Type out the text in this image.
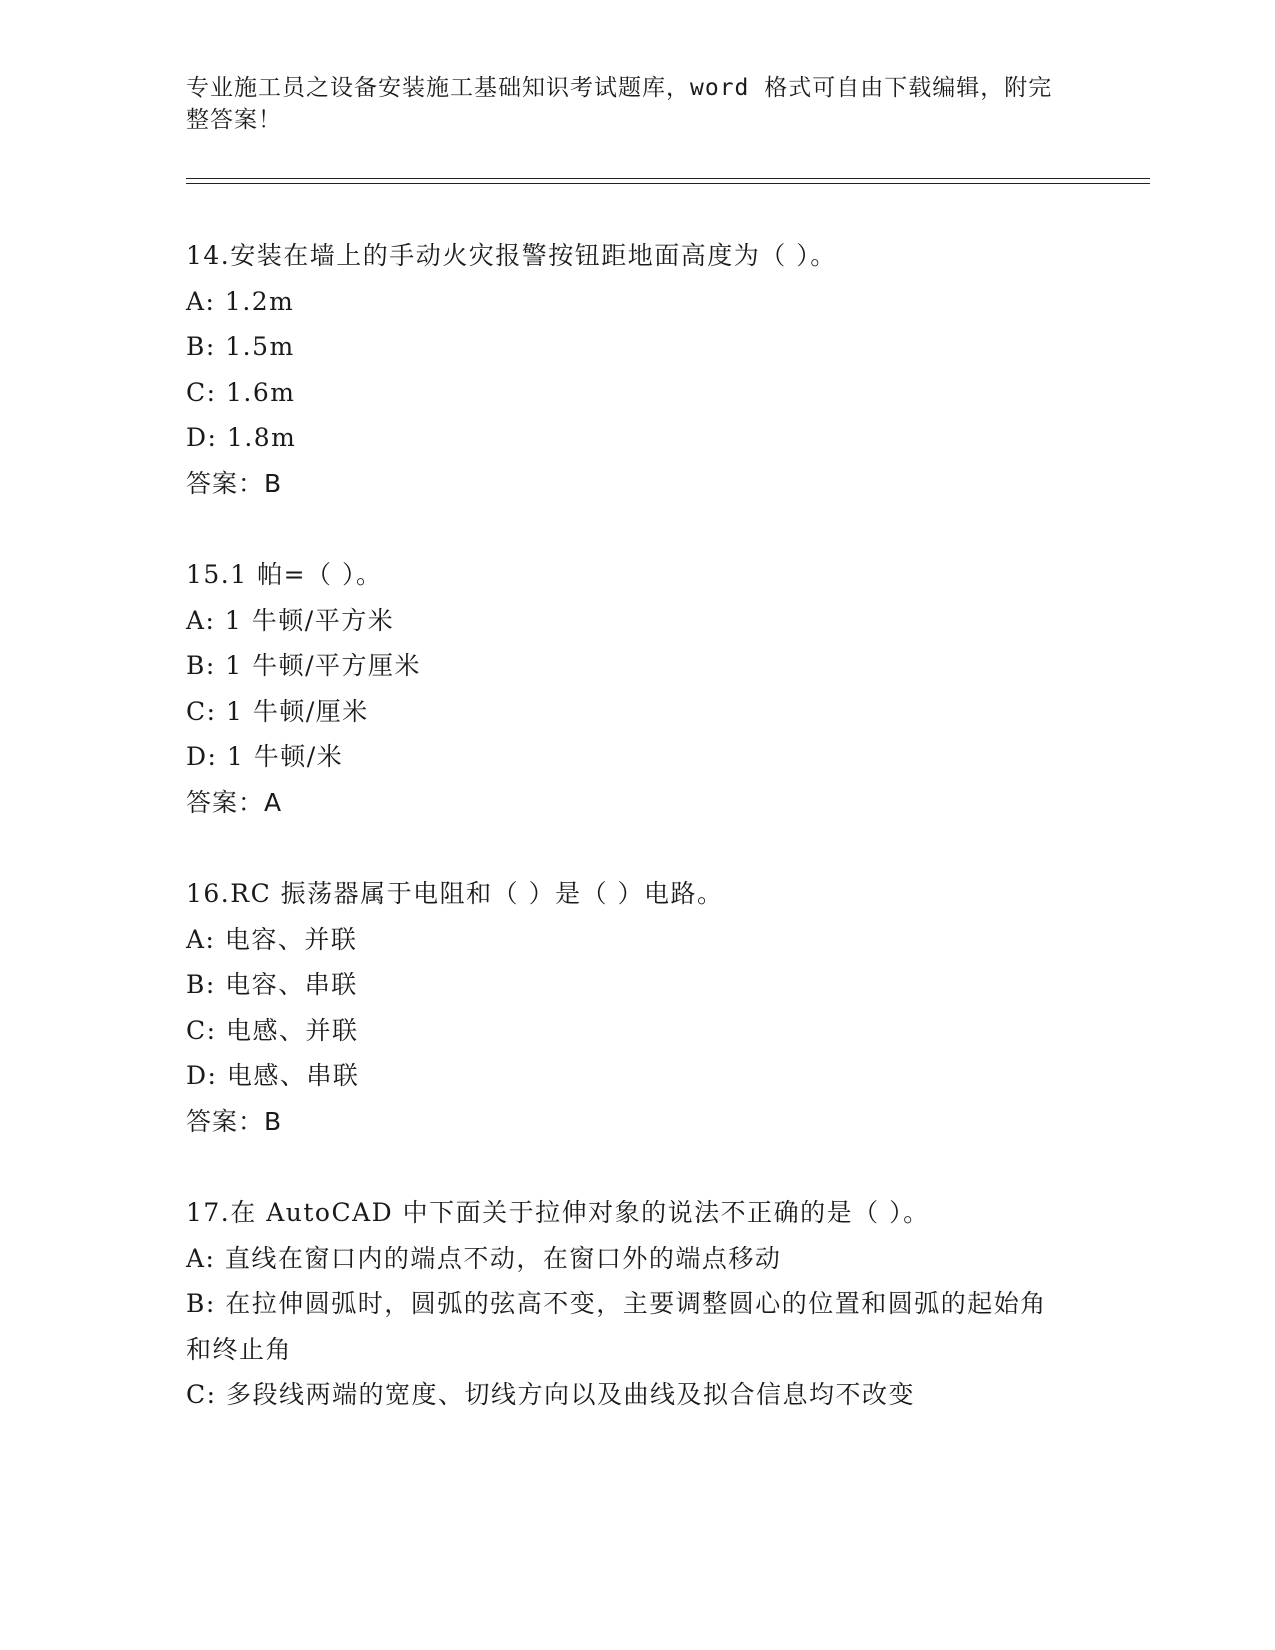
专业施工员之设备安装施工基础知识考试题库，word 格式可自由下载编辑，附完整答案！
14.安装在墙上的手动火灾报警按钮距地面高度为（ ）。
A: 1.2m
B: 1.5m
C: 1.6m
D: 1.8m
答案：B
15.1 帕=（ ）。
A: 1 牛顿/平方米
B: 1 牛顿/平方厘米
C: 1 牛顿/厘米
D: 1 牛顿/米
答案：A
16.RC 振荡器属于电阻和（ ）是（ ）电路。
A: 电容、并联
B: 电容、串联
C: 电感、并联
D: 电感、串联
答案：B
17.在 AutoCAD 中下面关于拉伸对象的说法不正确的是（ ）。
A: 直线在窗口内的端点不动，在窗口外的端点移动
B: 在拉伸圆弧时，圆弧的弦高不变，主要调整圆心的位置和圆弧的起始角和终止角
C: 多段线两端的宽度、切线方向以及曲线及拟合信息均不改变
